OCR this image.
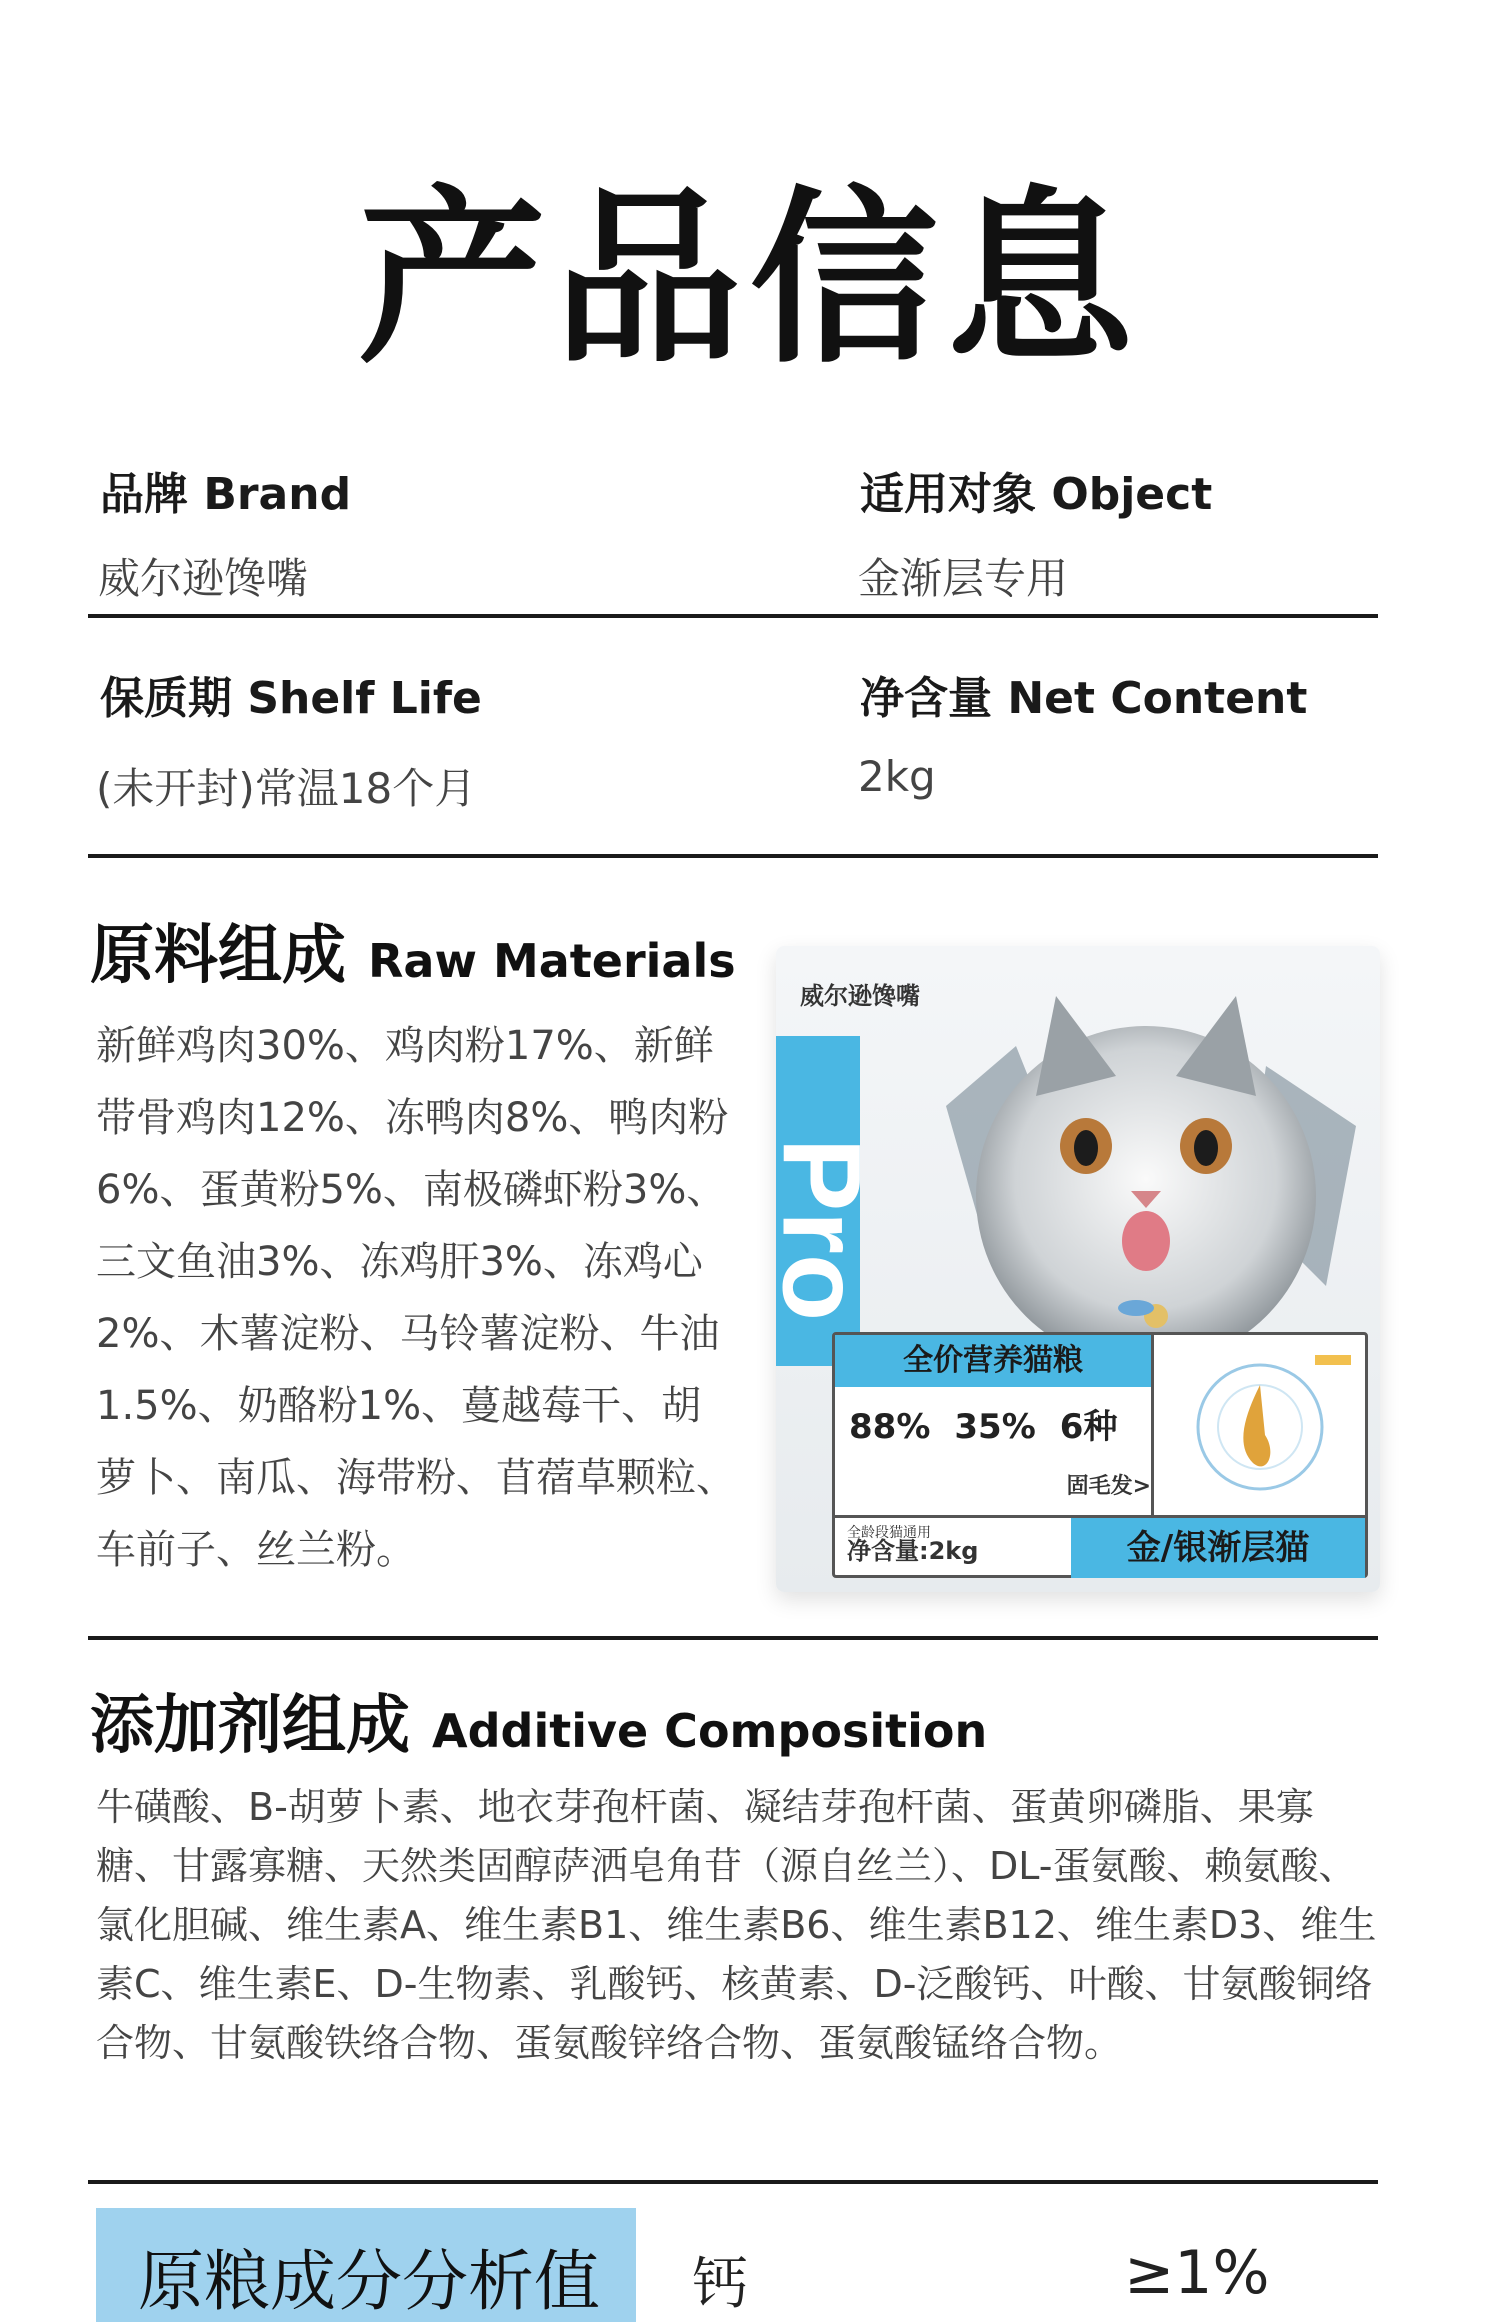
产品信息
品牌 Brand
威尔逊馋嘴
适用对象 Object
金渐层专用
保质期 Shelf Life
(未开封)常温18个月
净含量 Net Content
2kg
原料组成 Raw Materials
新鲜鸡肉30%、鸡肉粉17%、新鲜带骨鸡肉12%、冻鸭肉8%、鸭肉粉6%、蛋黄粉5%、南极磷虾粉3%、三文鱼油3%、冻鸡肝3%、冻鸡心2%、木薯淀粉、马铃薯淀粉、牛油1.5%、奶酪粉1%、蔓越莓干、胡萝卜、南瓜、海带粉、苜蓿草颗粒、车前子、丝兰粉。
威尔逊馋嘴
Pro
全价营养猫粮
88% 35% 6种
固毛发>
全龄段猫通用
净含量:2kg	金/银渐层猫
添加剂组成 Additive Composition
牛磺酸、B-胡萝卜素、地衣芽孢杆菌、凝结芽孢杆菌、蛋黄卵磷脂、果寡糖、甘露寡糖、天然类固醇萨洒皂角苷（源自丝兰）、DL-蛋氨酸、赖氨酸、氯化胆碱、维生素A、维生素B1、维生素B6、维生素B12、维生素D3、维生素C、维生素E、D-生物素、乳酸钙、核黄素、D-泛酸钙、叶酸、甘氨酸铜络合物、甘氨酸铁络合物、蛋氨酸锌络合物、蛋氨酸锰络合物。
原粮成分分析值 钙	≥1%
